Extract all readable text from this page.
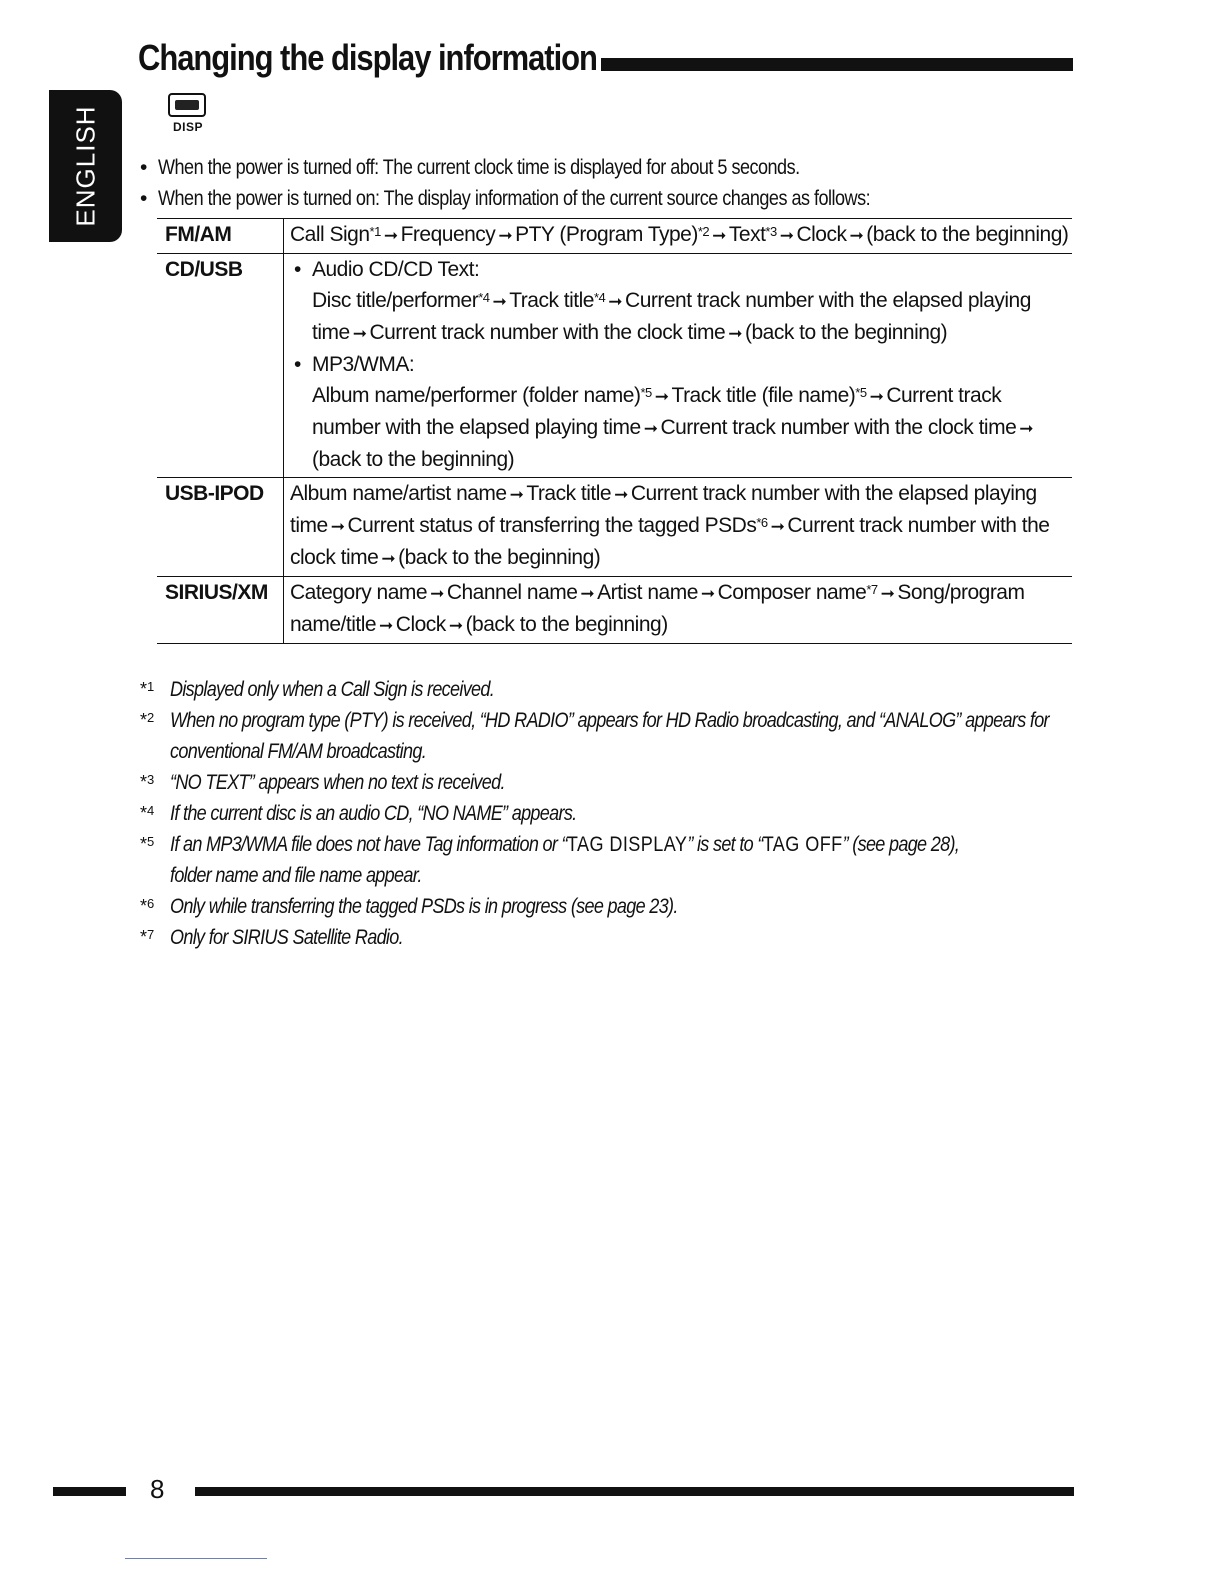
Changing the display information
ENGLISH	DISP
• When the power is turned off: The current clock time is displayed for about 5 seconds.
• When the power is turned on: The display information of the current source changes as follows:
FM/AM	Call Sign$^{*1}$ ➞ Frequency ➞ PTY (Program Type)$^{*2}$ ➞ Text$^{*3}$ ➞ Clock ➞ (back to the beginning)
CD/USB	• Audio CD/CD Text:
Disc title/performer$^{*4}$ ➞ Track title$^{*4}$ ➞ Current track number with the elapsed playing time ➞ Current track number with the clock time ➞ (back to the beginning)
• MP3/WMA:
Album name/performer (folder name)$^{*5}$ ➞ Track title (file name)$^{*5}$ ➞ Current track number with the elapsed playing time ➞ Current track number with the clock time ➞(back to the beginning)

USB-IPOD	Album name/artist name ➞ Track title ➞ Current track number with the elapsed playing time ➞ Current status of transferring the tagged PSDs$^{*6}$ ➞ Current track number with the clock time ➞ (back to the beginning)
SIRIUS/XM	Category name ➞ Channel name ➞ Artist name ➞ Composer name$^{*7}$ ➞ Song/program name/title ➞ Clock ➞ (back to the beginning)
*$^1$ Displayed only when a Call Sign is received.
*$^2$ When no program type (PTY) is received, “HD RADIO” appears for HD Radio broadcasting, and “ANALOG” appears for
conventional FM/AM broadcasting.
*$^3$ “NO TEXT” appears when no text is received.
*$^4$ If the current disc is an audio CD, “NO NAME” appears.
*$^5$ If an MP3/WMA file does not have Tag information or “TAG DISPLAY” is set to “TAG OFF” (see page 28),
folder name and file name appear.
*$^6$ Only while transferring the tagged PSDs is in progress (see page 23).
*$^7$ Only for SIRIUS Satellite Radio.
8
